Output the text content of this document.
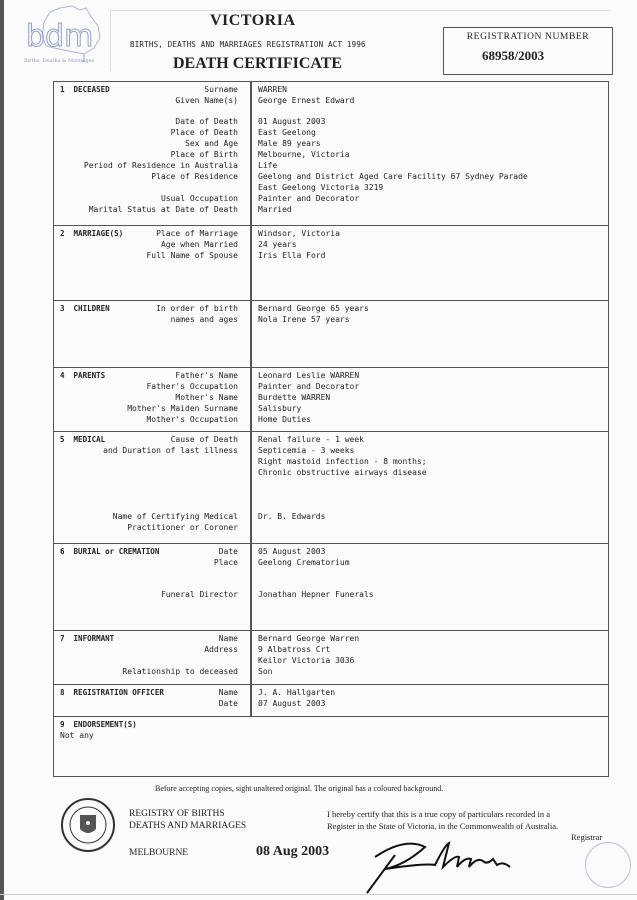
bdm
Births, Deaths & Marriages
VICTORIA
BIRTHS, DEATHS AND MARRIAGES REGISTRATION ACT 1996
DEATH CERTIFICATE
REGISTRATION NUMBER
68958/2003
1  DECEASED	Surname	WARREN
Given Name(s)	George Ernest Edward
Date of Death	01 August 2003
Place of Death	East Geelong
Sex and Age	Male 89 years
Place of Birth	Melbourne, Victoria
Period of Residence in Australia	Life
Place of Residence	Geelong and District Aged Care Facility 67 Sydney Parade
East Geelong Victoria 3219
Usual Occupation	Painter and Decorator
Marital Status at Date of Death	Married
2  MARRIAGE(S)	Place of Marriage	Windsor, Victoria
Age when Married	24 years
Full Name of Spouse	Iris Ella Ford
3  CHILDREN	In order of birth	Bernard George 65 years
names and ages	Nola Irene 57 years
4  PARENTS	Father's Name	Leonard Leslie WARREN
Father's Occupation	Painter and Decorator
Mother's Name	Burdette WARREN
Mother's Maiden Surname	Salisbury
Mother's Occupation	Home Duties
5  MEDICAL	Cause of Death	Renal failure - 1 week
and Duration of last illness	Septicemia - 3 weeks
Right mastoid infection - 8 months;
Chronic obstructive airways disease
Name of Certifying Medical	Dr. B. Edwards
Practitioner or Coroner
6  BURIAL or CREMATION	Date	05 August 2003
Place	Geelong Crematorium
Funeral Director	Jonathan Hepner Funerals
7  INFORMANT	Name	Bernard George Warren
Address	9 Albatross Crt
Keilor Victoria 3036
Relationship to deceased	Son
8  REGISTRATION OFFICER	Name	J. A. Hallgarten
Date	07 August 2003
9  ENDORSEMENT(S)
Not any
Before accepting copies, sight unaltered original. The original has a coloured background.
REGISTRY OF BIRTHS
DEATHS AND MARRIAGES
MELBOURNE	08 Aug 2003
I hereby certify that this is a true copy of particulars recorded in a
Register in the State of Victoria, in the Commonwealth of Australia.
Registrar
